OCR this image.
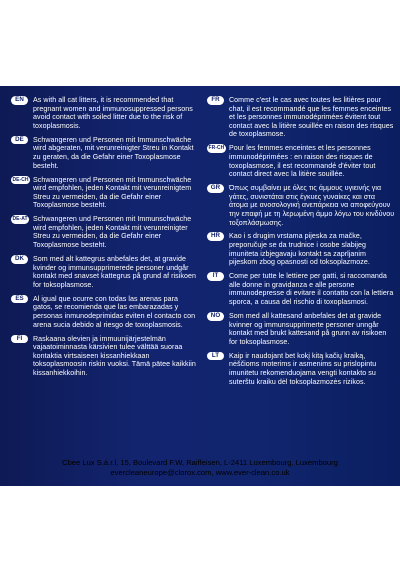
EN	As with all cat litters, it is recommended that pregnant women and immunosuppressed persons avoid contact with soiled litter due to the risk of toxoplasmosis.
DE	Schwangeren und Personen mit Immunschwäche wird abgeraten, mit verunreinigter Streu in Kontakt zu geraten, da die Gefahr einer Toxoplasmose besteht.
DE-CH Schwangeren und Personen mit Immunschwäche wird empfohlen, jeden Kontakt mit verunreinigtem Streu zu vermeiden, da die Gefahr einer Toxoplasmose besteht.
DE-AT Schwangeren und Personen mit Immunschwäche wird empfohlen, jeden Kontakt mit verunreinigter Streu zu vermeiden, da die Gefahr einer Toxoplasmose besteht.
DK	Som med alt kattegrus anbefales det, at gravide kvinder og immunsupprimerede personer undgår kontakt med snavset kattegrus på grund af risikoen for toksoplasmose.
ES	Al igual que ocurre con todas las arenas para gatos, se recomienda que las embarazadas y personas inmunodeprimidas eviten el contacto con arena sucia debido al riesgo de toxoplasmosis.
FI	Raskaana olevien ja immuunijärjestelmän vajaatoiminnasta kärsivien tulee välttää suoraa kontaktia virtsaiseen kissanhiekkaan toksoplasmoosin riskin vuoksi. Tämä pätee kaikkiin kissanhiekkoihin.
FR	Comme c'est le cas avec toutes les litières pour chat, il est recommandé que les femmes enceintes et les personnes immunodéprimées évitent tout contact avec la litière souillée en raison des risques de toxoplasmose.
FR-CH Pour les femmes enceintes et les personnes immunodéprimées : en raison des risques de toxoplasmose, il est recommandé d'éviter tout contact direct avec la litière souillée.
GR	Όπως συμβαίνει με όλες τις άμμους υγιεινής για γάτες, συνιστάται στις έγκυες γυναίκες και στα άτομα με ανοσολογική ανεπάρκεια να αποφεύγουν την επαφή με τη λερωμένη άμμο λόγω του κινδύνου τοξοπλάσμωσης.
HR	Kao i s drugim vrstama pijeska za mačke, preporučuje se da trudnice i osobe slabijeg imuniteta izbjegavaju kontakt sa zaprljanim pijeskom zbog opasnosti od toksoplazmoze.
IT	Come per tutte le lettiere per gatti, si raccomanda alle donne in gravidanza e alle persone immunodepresse di evitare il contatto con la lettiera sporca, a causa del rischio di toxoplasmosi.
NO	Som med all kattesand anbefales det at gravide kvinner og immunsupprimerte personer unngår kontakt med brukt kattesand på grunn av risikoen for toksoplasmose.
LT	Kaip ir naudojant bet kokį kitą kačių kraiką, nėščioms moterims ir asmenims su prislopintu imunitetu rekomenduojama vengti kontakto su suterštu kraiku dėl toksoplazmozės rizikos.
Cbee Lux S.á.r.l, 15, Boulevard F.W, Raiffeisen, L-2411 Luxembourg, Luxembourg
evercleaneurope@clorox.com, www.ever-clean.co.uk
